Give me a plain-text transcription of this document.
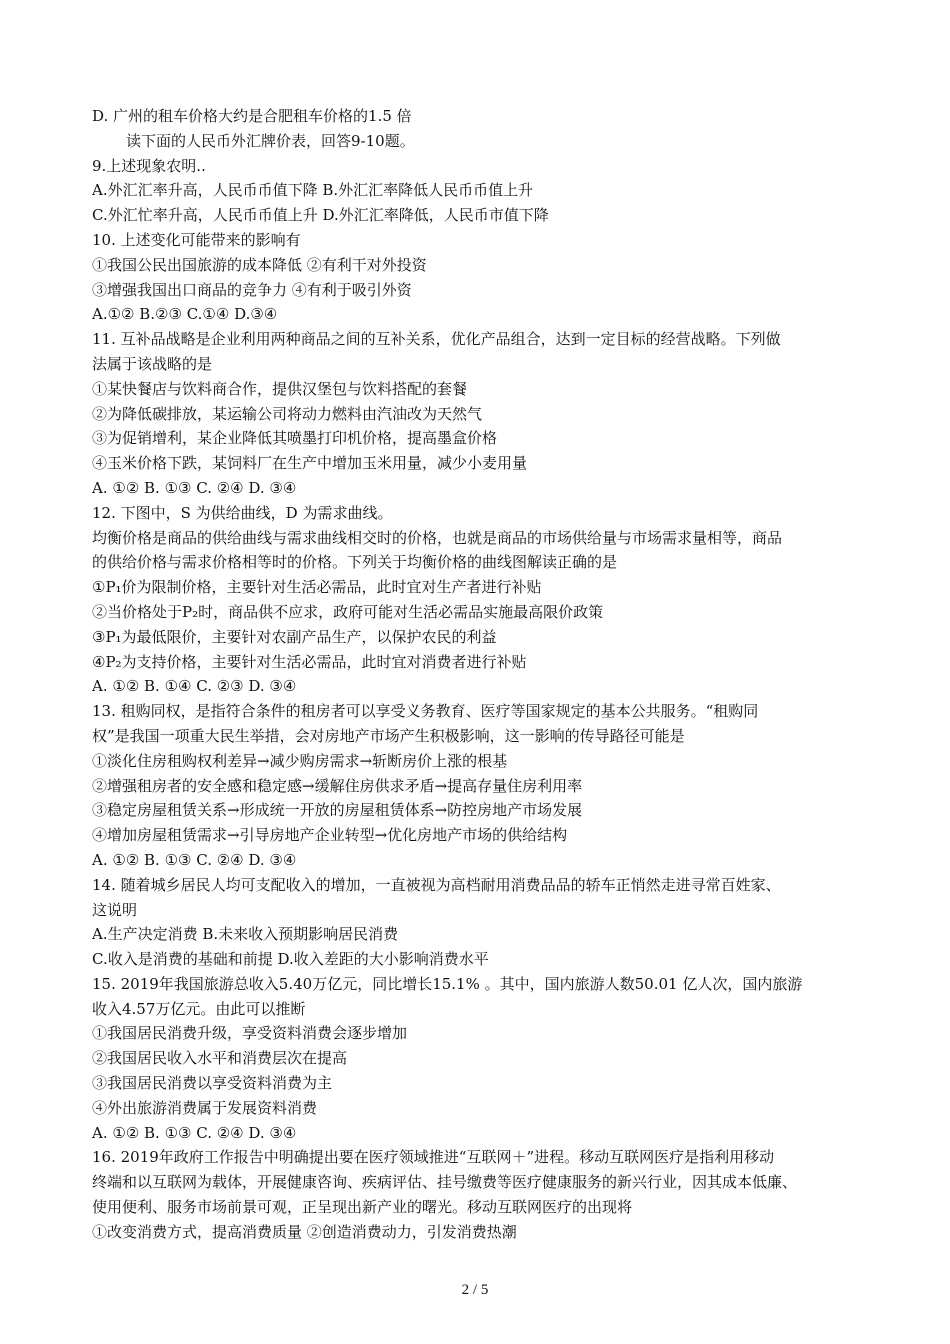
D. 广州的租车价格大约是合肥租车价格的1.5 倍
读下面的人民币外汇牌价表，回答9-10题。
9.上述现象农明..
A.外汇汇率升高，人民币币值下降 B.外汇汇率降低人民币币值上升
C.外汇忙率升高，人民币币值上升 D.外汇汇率降低，人民币市值下降
10. 上述变化可能带来的影响有
①我国公民出国旅游的成本降低 ②有利干对外投资
③增强我国出口商品的竞争力 ④有利于吸引外资
A.①② B.②③ C.①④ D.③④
11. 互补品战略是企业利用两种商品之间的互补关系，优化产品组合，达到一定目标的经营战略。下列做
法属于该战略的是
①某快餐店与饮料商合作，提供汉堡包与饮料搭配的套餐
②为降低碳排放，某运输公司将动力燃料由汽油改为天然气
③为促销增利，某企业降低其喷墨打印机价格，提高墨盒价格
④玉米价格下跌，某饲料厂在生产中增加玉米用量，减少小麦用量
A. ①② B. ①③ C. ②④ D. ③④
12. 下图中，S 为供给曲线，D 为需求曲线。
均衡价格是商品的供给曲线与需求曲线相交时的价格，也就是商品的市场供给量与市场需求量相等，商品
的供给价格与需求价格相等时的价格。下列关于均衡价格的曲线图解读正确的是
①P₁价为限制价格，主要针对生活必需品，此时宜对生产者进行补贴
②当价格处于P₂时，商品供不应求，政府可能对生活必需品实施最高限价政策
③P₁为最低限价，主要针对农副产品生产，以保护农民的利益
④P₂为支持价格，主要针对生活必需品，此时宜对消费者进行补贴
A. ①② B. ①④ C. ②③ D. ③④
13. 租购同权，是指符合条件的租房者可以享受义务教育、医疗等国家规定的基本公共服务。“租购同
权”是我国一项重大民生举措，会对房地产市场产生积极影响，这一影响的传导路径可能是
①淡化住房租购权利差异→减少购房需求→斩断房价上涨的根基
②增强租房者的安全感和稳定感→缓解住房供求矛盾→提高存量住房利用率
③稳定房屋租赁关系→形成统一开放的房屋租赁体系→防控房地产市场发展
④增加房屋租赁需求→引导房地产企业转型→优化房地产市场的供给结构
A. ①② B. ①③ C. ②④ D. ③④
14. 随着城乡居民人均可支配收入的增加，一直被视为高档耐用消费品品的轿车正悄然走进寻常百姓家、
这说明
A.生产决定消费 B.未来收入预期影响居民消费
C.收入是消费的基础和前提 D.收入差距的大小影响消费水平
15. 2019年我国旅游总收入5.40万亿元，同比增长15.1% 。其中，国内旅游人数50.01 亿人次，国内旅游
收入4.57万亿元。由此可以推断
①我国居民消费升级，享受资料消费会逐步增加
②我国居民收入水平和消费层次在提高
③我国居民消费以享受资料消费为主
④外出旅游消费属于发展资料消费
A. ①② B. ①③ C. ②④ D. ③④
16. 2019年政府工作报告中明确提出要在医疗领域推进“互联网＋”进程。移动互联网医疗是指利用移动
终端和以互联网为载体，开展健康咨询、疾病评估、挂号缴费等医疗健康服务的新兴行业，因其成本低廉、
使用便利、服务市场前景可观，正呈现出新产业的曙光。移动互联网医疗的出现将
①改变消费方式，提高消费质量 ②创造消费动力，引发消费热潮
2 / 5
